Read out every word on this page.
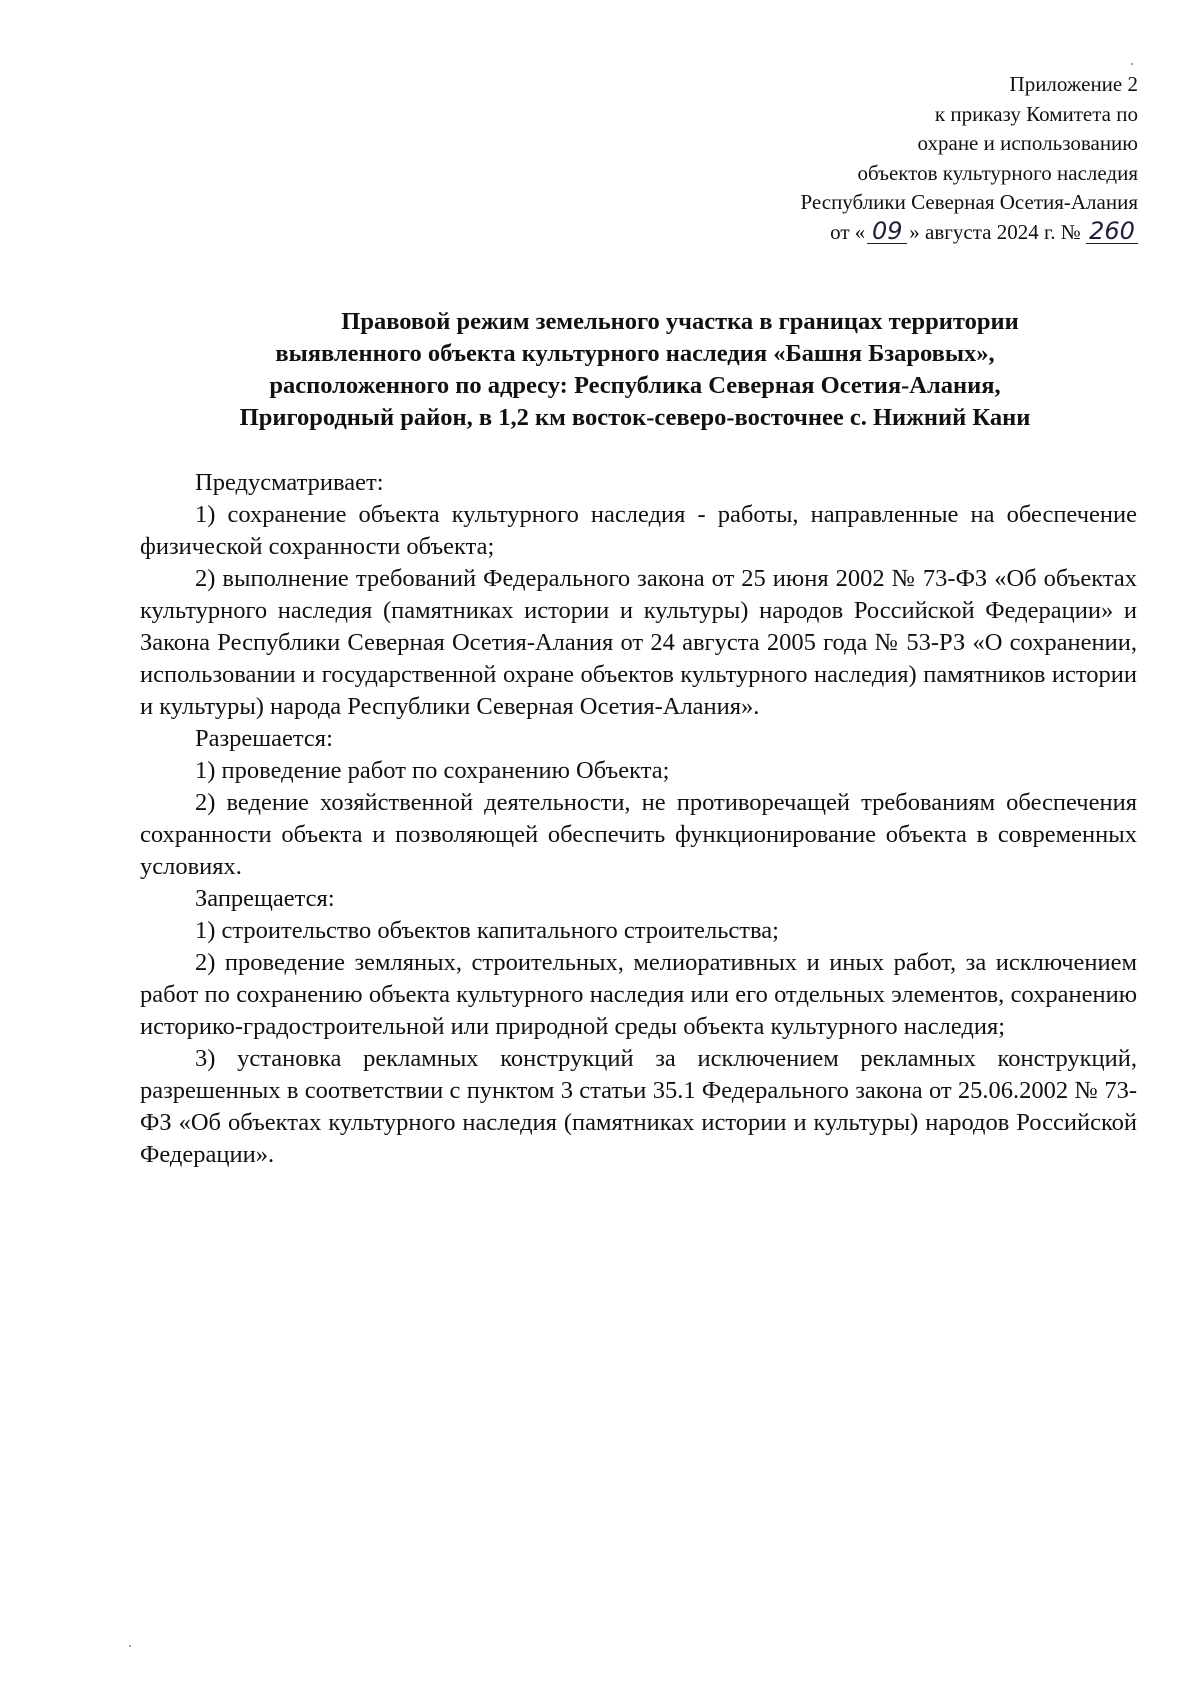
Приложение 2
к приказу Комитета по
охране и использованию
объектов культурного наследия
Республики Северная Осетия-Алания
от « 09 » августа 2024 г. № 260
Правовой режим земельного участка в границах территории
выявленного объекта культурного наследия «Башня Бзаровых»,
расположенного по адресу: Республика Северная Осетия-Алания,
Пригородный район, в 1,2 км восток-северо-восточнее с. Нижний Кани

Предусматривает:

1) сохранение объекта культурного наследия - работы, направленные на обеспечение физической сохранности объекта;

2) выполнение требований Федерального закона от 25 июня 2002 № 73-ФЗ «Об объектах культурного наследия (памятниках истории и культуры) народов Российской Федерации» и Закона Республики Северная Осетия-Алания от 24 августа 2005 года № 53-РЗ «О сохранении, использовании и государственной охране объектов культурного наследия) памятников истории и культуры) народа Республики Северная Осетия-Алания».

Разрешается:

1) проведение работ по сохранению Объекта;

2) ведение хозяйственной деятельности, не противоречащей требованиям обеспечения сохранности объекта и позволяющей обеспечить функционирование объекта в современных условиях.

Запрещается:

1) строительство объектов капитального строительства;

2) проведение земляных, строительных, мелиоративных и иных работ, за исключением работ по сохранению объекта культурного наследия или его отдельных элементов, сохранению историко-градостроительной или природной среды объекта культурного наследия;

3) установка рекламных конструкций за исключением рекламных конструкций, разрешенных в соответствии с пунктом 3 статьи 35.1 Федерального закона от 25.06.2002 № 73-ФЗ «Об объектах культурного наследия (памятниках истории и культуры) народов Российской Федерации».
